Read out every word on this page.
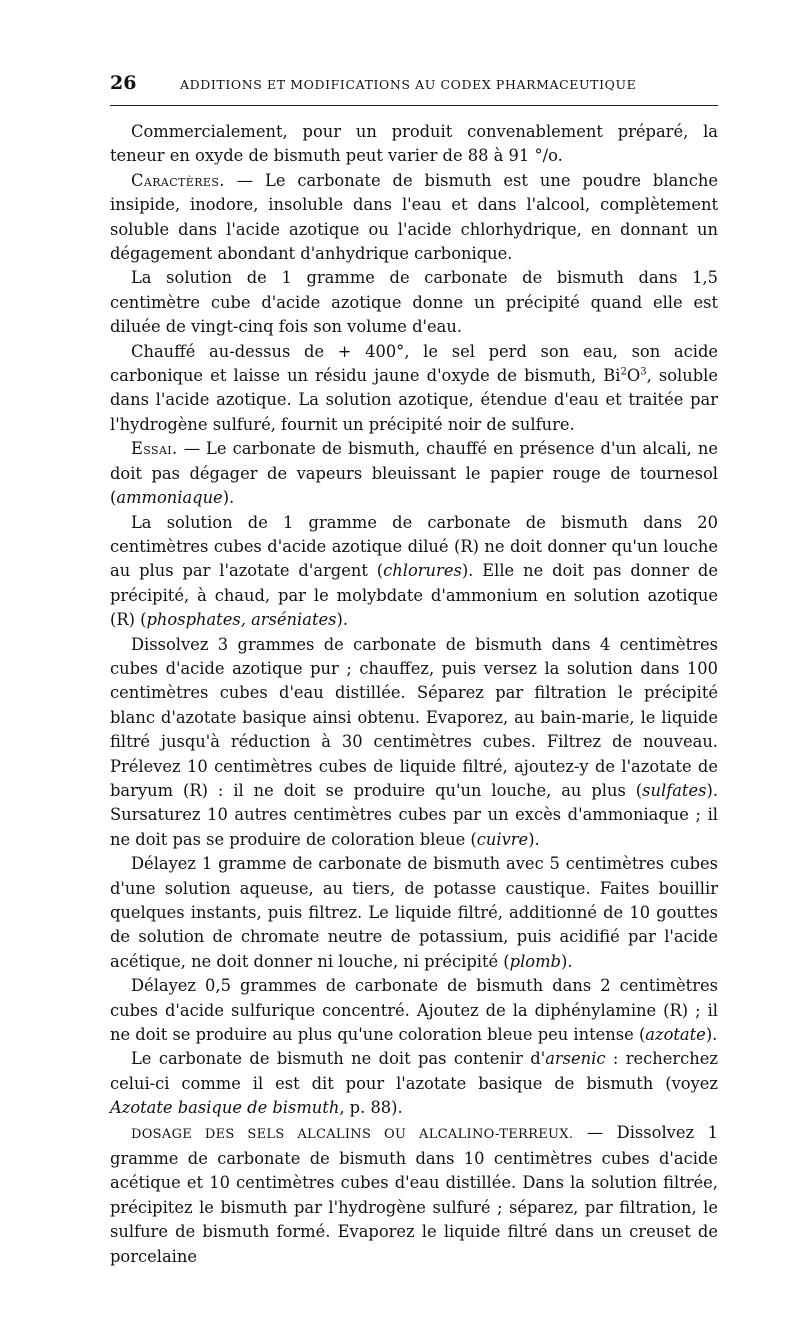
26	ADDITIONS ET MODIFICATIONS AU CODEX PHARMACEUTIQUE

Commercialement, pour un produit convenablement préparé, la teneur en oxyde de bismuth peut varier de 88 à 91 °/o.

Caractères. — Le carbonate de bismuth est une poudre blanche insipide, inodore, insoluble dans l'eau et dans l'alcool, complètement soluble dans l'acide azotique ou l'acide chlorhydrique, en donnant un dégagement abondant d'anhydrique carbonique.

La solution de 1 gramme de carbonate de bismuth dans 1,5 centimètre cube d'acide azotique donne un précipité quand elle est diluée de vingt-cinq fois son volume d'eau.

Chauffé au-dessus de + 400°, le sel perd son eau, son acide carbonique et laisse un résidu jaune d'oxyde de bismuth, $Bi^2O^3$, soluble dans l'acide azotique. La solution azotique, étendue d'eau et traitée par l'hydrogène sulfuré, fournit un précipité noir de sulfure.

Essai. — Le carbonate de bismuth, chauffé en présence d'un alcali, ne doit pas dégager de vapeurs bleuissant le papier rouge de tournesol (ammoniaque).

La solution de 1 gramme de carbonate de bismuth dans 20 centimètres cubes d'acide azotique dilué (R) ne doit donner qu'un louche au plus par l'azotate d'argent (chlorures). Elle ne doit pas donner de précipité, à chaud, par le molybdate d'ammonium en solution azotique (R) (phosphates, arséniates).

Dissolvez 3 grammes de carbonate de bismuth dans 4 centimètres cubes d'acide azotique pur ; chauffez, puis versez la solution dans 100 centimètres cubes d'eau distillée. Séparez par filtration le précipité blanc d'azotate basique ainsi obtenu. Evaporez, au bain-marie, le liquide filtré jusqu'à réduction à 30 centimètres cubes. Filtrez de nouveau. Prélevez 10 centimètres cubes de liquide filtré, ajoutez-y de l'azotate de baryum (R) : il ne doit se produire qu'un louche, au plus (sulfates). Sursaturez 10 autres centimètres cubes par un excès d'ammoniaque ; il ne doit pas se produire de coloration bleue (cuivre).

Délayez 1 gramme de carbonate de bismuth avec 5 centimètres cubes d'une solution aqueuse, au tiers, de potasse caustique. Faites bouillir quelques instants, puis filtrez. Le liquide filtré, additionné de 10 gouttes de solution de chromate neutre de potassium, puis acidifié par l'acide acétique, ne doit donner ni louche, ni précipité (plomb).

Délayez 0,5 grammes de carbonate de bismuth dans 2 centimètres cubes d'acide sulfurique concentré. Ajoutez de la diphénylamine (R) ; il ne doit se produire au plus qu'une coloration bleue peu intense (azotate).

Le carbonate de bismuth ne doit pas contenir d'arsenic : recherchez celui-ci comme il est dit pour l'azotate basique de bismuth (voyez Azotate basique de bismuth, p. 88).

DOSAGE DES SELS ALCALINS OU ALCALINO-TERREUX. — Dissolvez 1 gramme de carbonate de bismuth dans 10 centimètres cubes d'acide acétique et 10 centimètres cubes d'eau distillée. Dans la solution filtrée, précipitez le bismuth par l'hydrogène sulfuré ; séparez, par filtration, le sulfure de bismuth formé. Evaporez le liquide filtré dans un creuset de porcelaine
